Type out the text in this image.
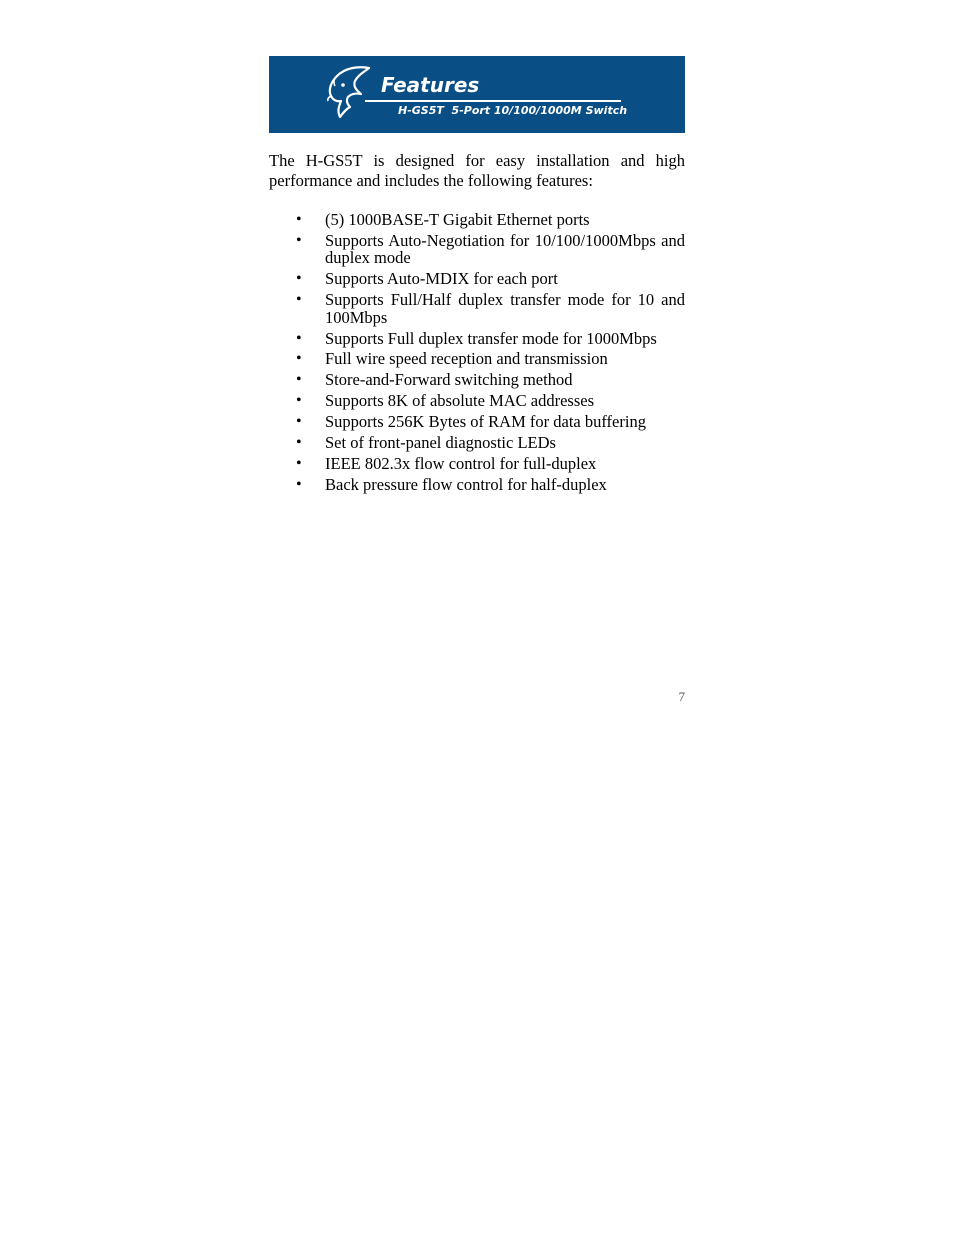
Features
H-GS5T  5-Port 10/100/1000M Switch

The H-GS5T is designed for easy installation and high performance and includes the following features:

• (5) 1000BASE-T Gigabit Ethernet ports
• Supports Auto-Negotiation for 10/100/1000Mbps and duplex mode
• Supports Auto-MDIX for each port
• Supports Full/Half duplex transfer mode for 10 and 100Mbps
• Supports Full duplex transfer mode for 1000Mbps
• Full wire speed reception and transmission
• Store-and-Forward switching method
• Supports 8K of absolute MAC addresses
• Supports 256K Bytes of RAM for data buffering
• Set of front-panel diagnostic LEDs
• IEEE 802.3x flow control for full-duplex
• Back pressure flow control for half-duplex
7
